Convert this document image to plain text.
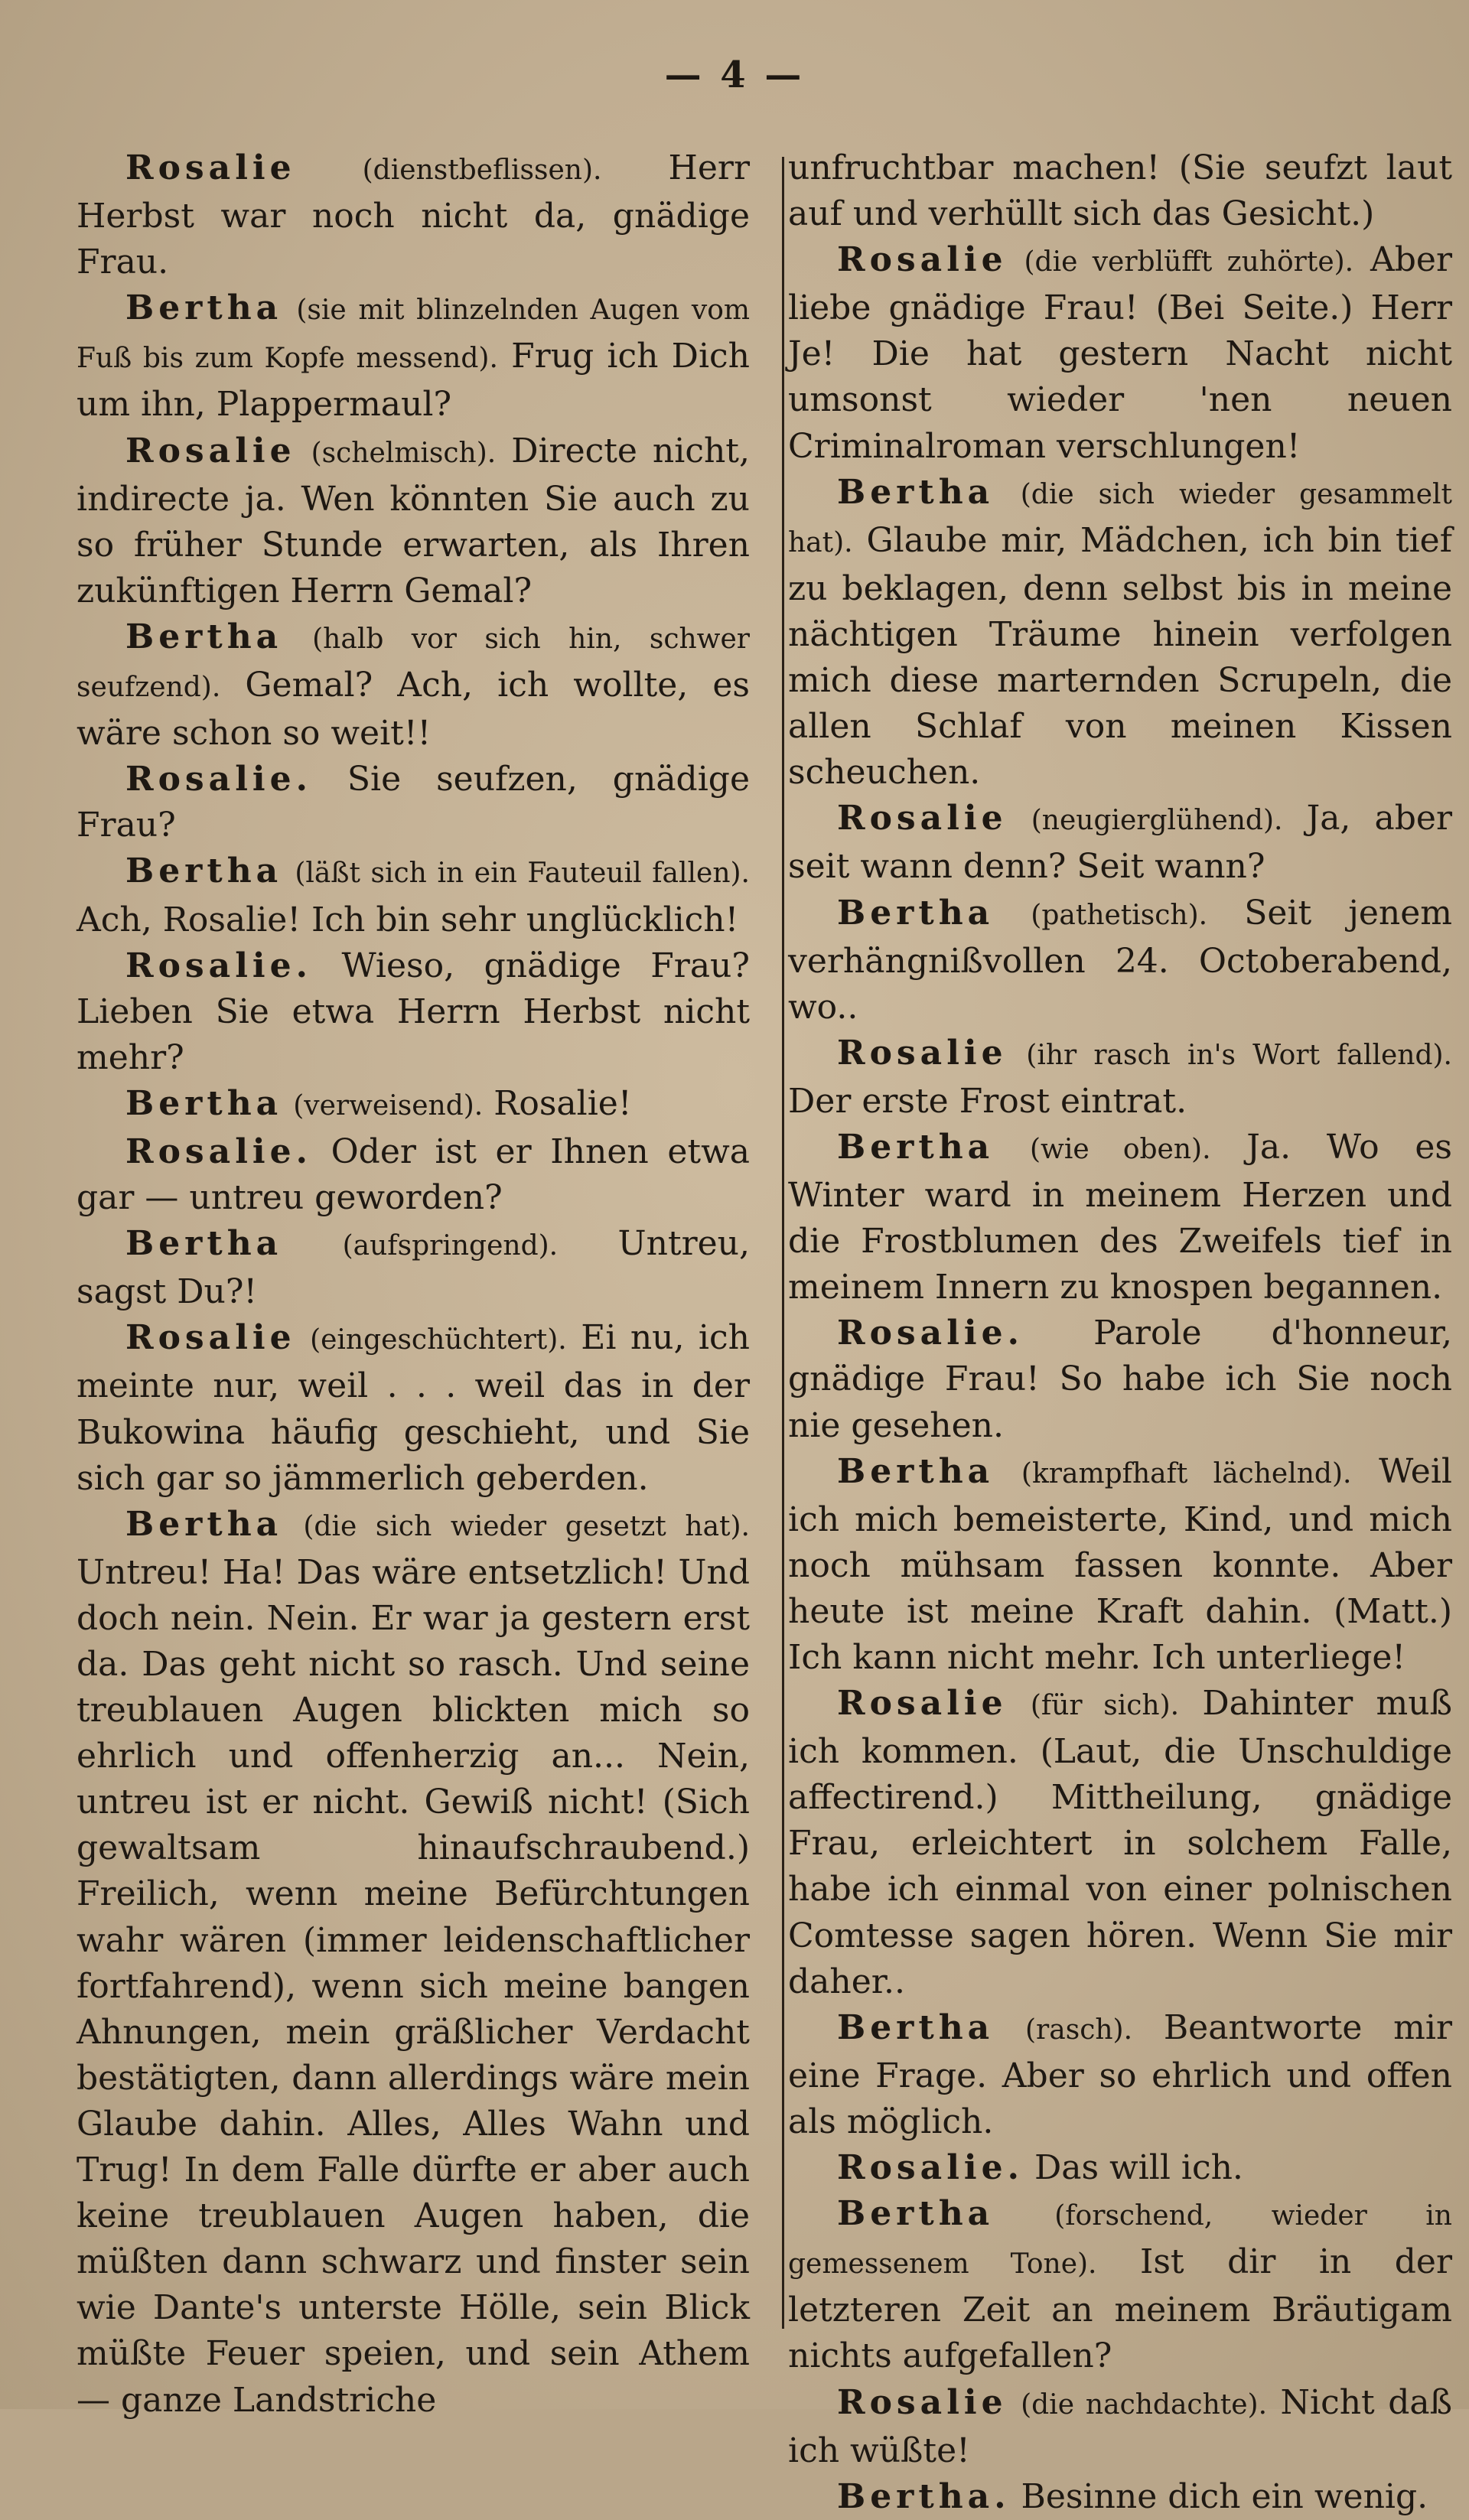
— 4 —

Rosalie (dienstbeflissen). Herr Herbst war noch nicht da, gnädige Frau.

Bertha (sie mit blinzelnden Augen vom Fuß bis zum Kopfe messend). Frug ich Dich um ihn, Plappermaul?

Rosalie (schelmisch). Directe nicht, indirecte ja. Wen könnten Sie auch zu so früher Stunde erwarten, als Ihren zukünftigen Herrn Gemal?

Bertha (halb vor sich hin, schwer seufzend). Gemal? Ach, ich wollte, es wäre schon so weit!!

Rosalie. Sie seufzen, gnädige Frau?

Bertha (läßt sich in ein Fauteuil fallen). Ach, Rosalie! Ich bin sehr unglücklich!

Rosalie. Wieso, gnädige Frau? Lieben Sie etwa Herrn Herbst nicht mehr?

Bertha (verweisend). Rosalie!

Rosalie. Oder ist er Ihnen etwa gar — untreu geworden?

Bertha (aufspringend). Untreu, sagst Du?!

Rosalie (eingeschüchtert). Ei nu, ich meinte nur, weil . . . weil das in der Bukowina häufig geschieht, und Sie sich gar so jämmerlich geberden.

Bertha (die sich wieder gesetzt hat). Untreu! Ha! Das wäre entsetzlich! Und doch nein. Nein. Er war ja gestern erst da. Das geht nicht so rasch. Und seine treublauen Augen blickten mich so ehrlich und offenherzig an... Nein, untreu ist er nicht. Gewiß nicht! (Sich gewaltsam hinaufschraubend.) Freilich, wenn meine Befürchtungen wahr wären (immer leidenschaftlicher fortfahrend), wenn sich meine bangen Ahnungen, mein gräßlicher Verdacht bestätigten, dann allerdings wäre mein Glaube dahin. Alles, Alles Wahn und Trug! In dem Falle dürfte er aber auch keine treublauen Augen haben, die müßten dann schwarz und finster sein wie Dante's unterste Hölle, sein Blick müßte Feuer speien, und sein Athem — ganze Landstriche

unfruchtbar machen! (Sie seufzt laut auf und verhüllt sich das Gesicht.)

Rosalie (die verblüfft zuhörte). Aber liebe gnädige Frau! (Bei Seite.) Herr Je! Die hat gestern Nacht nicht umsonst wieder 'nen neuen Criminalroman verschlungen!

Bertha (die sich wieder gesammelt hat). Glaube mir, Mädchen, ich bin tief zu beklagen, denn selbst bis in meine nächtigen Träume hinein verfolgen mich diese marternden Scrupeln, die allen Schlaf von meinen Kissen scheuchen.

Rosalie (neugierglühend). Ja, aber seit wann denn? Seit wann?

Bertha (pathetisch). Seit jenem verhängnißvollen 24. Octoberabend, wo..

Rosalie (ihr rasch in's Wort fallend). Der erste Frost eintrat.

Bertha (wie oben). Ja. Wo es Winter ward in meinem Herzen und die Frostblumen des Zweifels tief in meinem Innern zu knospen begannen.

Rosalie. Parole d'honneur, gnädige Frau! So habe ich Sie noch nie gesehen.

Bertha (krampfhaft lächelnd). Weil ich mich bemeisterte, Kind, und mich noch mühsam fassen konnte. Aber heute ist meine Kraft dahin. (Matt.) Ich kann nicht mehr. Ich unterliege!

Rosalie (für sich). Dahinter muß ich kommen. (Laut, die Unschuldige affectirend.) Mittheilung, gnädige Frau, erleichtert in solchem Falle, habe ich einmal von einer polnischen Comtesse sagen hören. Wenn Sie mir daher..

Bertha (rasch). Beantworte mir eine Frage. Aber so ehrlich und offen als möglich.

Rosalie. Das will ich.

Bertha (forschend, wieder in gemessenem Tone). Ist dir in der letzteren Zeit an meinem Bräutigam nichts aufgefallen?

Rosalie (die nachdachte). Nicht daß ich wüßte!

Bertha. Besinne dich ein wenig.
